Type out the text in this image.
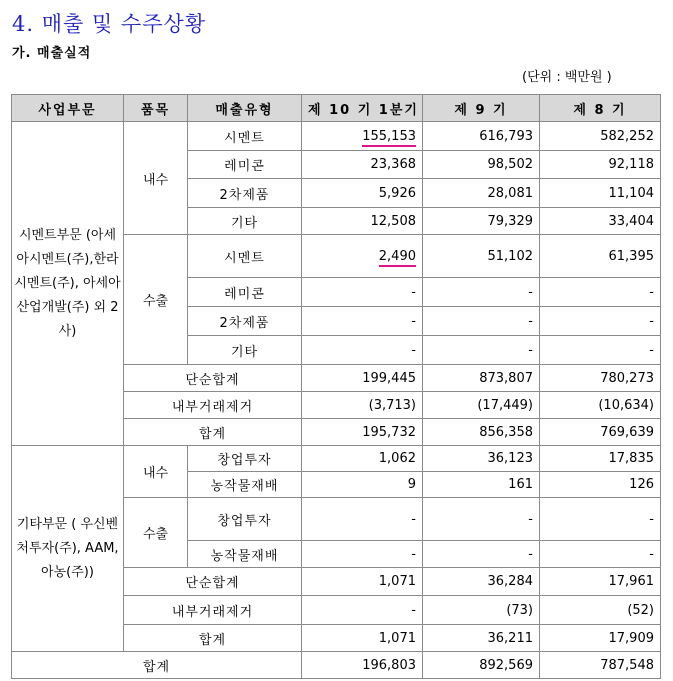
4. 매출 및 수주상황
가. 매출실적
(단위 : 백만원 )
사업부문	품목	매출유형	제 10 기 1분기	제 9 기	제 8 기
시멘트부문 (아세아시멘트(주),한라시멘트(주), 아세아산업개발(주) 외 2사)	내수	시멘트	155,153	616,793	582,252
		레미콘	23,368	98,502	92,118
		2차제품	5,926	28,081	11,104
		기타	12,508	79,329	33,404
	수출	시멘트	2,490	51,102	61,395
		레미콘	-	-	-
		2차제품	-	-	-
		기타	-	-	-
	단순합계		199,445	873,807	780,273
	내부거래제거		(3,713)	(17,449)	(10,634)
	합계		195,732	856,358	769,639
기타부문 ( 우신벤처투자(주), AAM, 아농(주))	내수	창업투자	1,062	36,123	17,835
		농작물재배	9	161	126
	수출	창업투자	-	-	-
		농작물재배	-	-	-
	단순합계		1,071	36,284	17,961
	내부거래제거		-	(73)	(52)
	합계		1,071	36,211	17,909
합계			196,803	892,569	787,548
